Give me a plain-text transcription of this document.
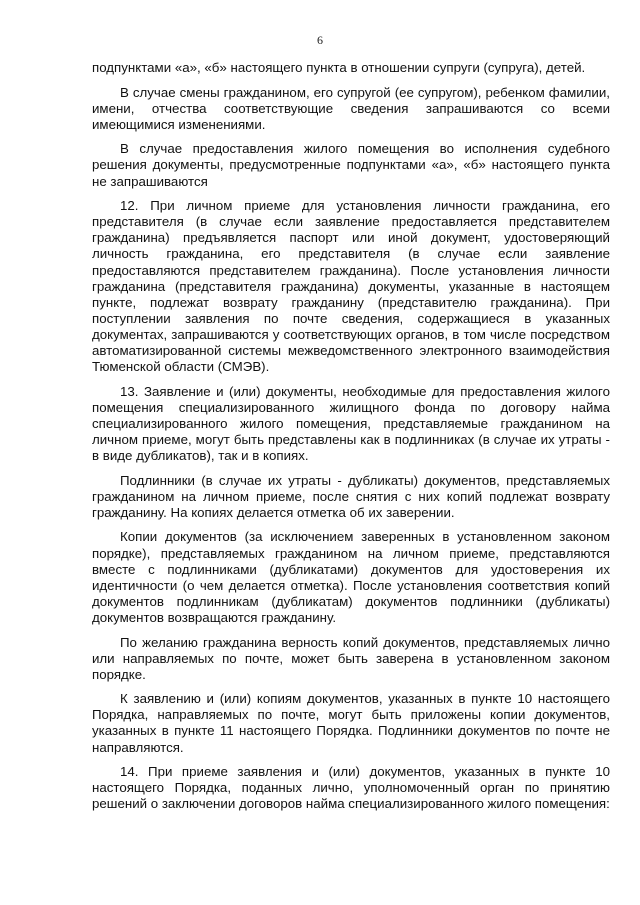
6

подпунктами «а», «б» настоящего пункта в отношении супруги (супруга), детей.

В случае смены гражданином, его супругой (ее супругом), ребенком фамилии, имени, отчества соответствующие сведения запрашиваются со всеми имеющимися изменениями.

В случае предоставления жилого помещения во исполнения судебного решения документы, предусмотренные подпунктами «а», «б» настоящего пункта не запрашиваются

12. При личном приеме для установления личности гражданина, его представителя (в случае если заявление предоставляется представителем гражданина) предъявляется паспорт или иной документ, удостоверяющий личность гражданина, его представителя (в случае если заявление предоставляются представителем гражданина). После установления личности гражданина (представителя гражданина) документы, указанные в настоящем пункте, подлежат возврату гражданину (представителю гражданина). При поступлении заявления по почте сведения, содержащиеся в указанных документах, запрашиваются у соответствующих органов, в том числе посредством автоматизированной системы межведомственного электронного взаимодействия Тюменской области (СМЭВ).

13. Заявление и (или) документы, необходимые для предоставления жилого помещения специализированного жилищного фонда по договору найма специализированного жилого помещения, представляемые гражданином на личном приеме, могут быть представлены как в подлинниках (в случае их утраты - в виде дубликатов), так и в копиях.

Подлинники (в случае их утраты - дубликаты) документов, представляемых гражданином на личном приеме, после снятия с них копий подлежат возврату гражданину. На копиях делается отметка об их заверении.

Копии документов (за исключением заверенных в установленном законом порядке), представляемых гражданином на личном приеме, представляются вместе с подлинниками (дубликатами) документов для удостоверения их идентичности (о чем делается отметка). После установления соответствия копий документов подлинникам (дубликатам) документов подлинники (дубликаты) документов возвращаются гражданину.

По желанию гражданина верность копий документов, представляемых лично или направляемых по почте, может быть заверена в установленном законом порядке.

К заявлению и (или) копиям документов, указанных в пункте 10 настоящего Порядка, направляемых по почте, могут быть приложены копии документов, указанных в пункте 11 настоящего Порядка. Подлинники документов по почте не направляются.

14. При приеме заявления и (или) документов, указанных в пункте 10 настоящего Порядка, поданных лично, уполномоченный орган по принятию решений о заключении договоров найма специализированного жилого помещения:
